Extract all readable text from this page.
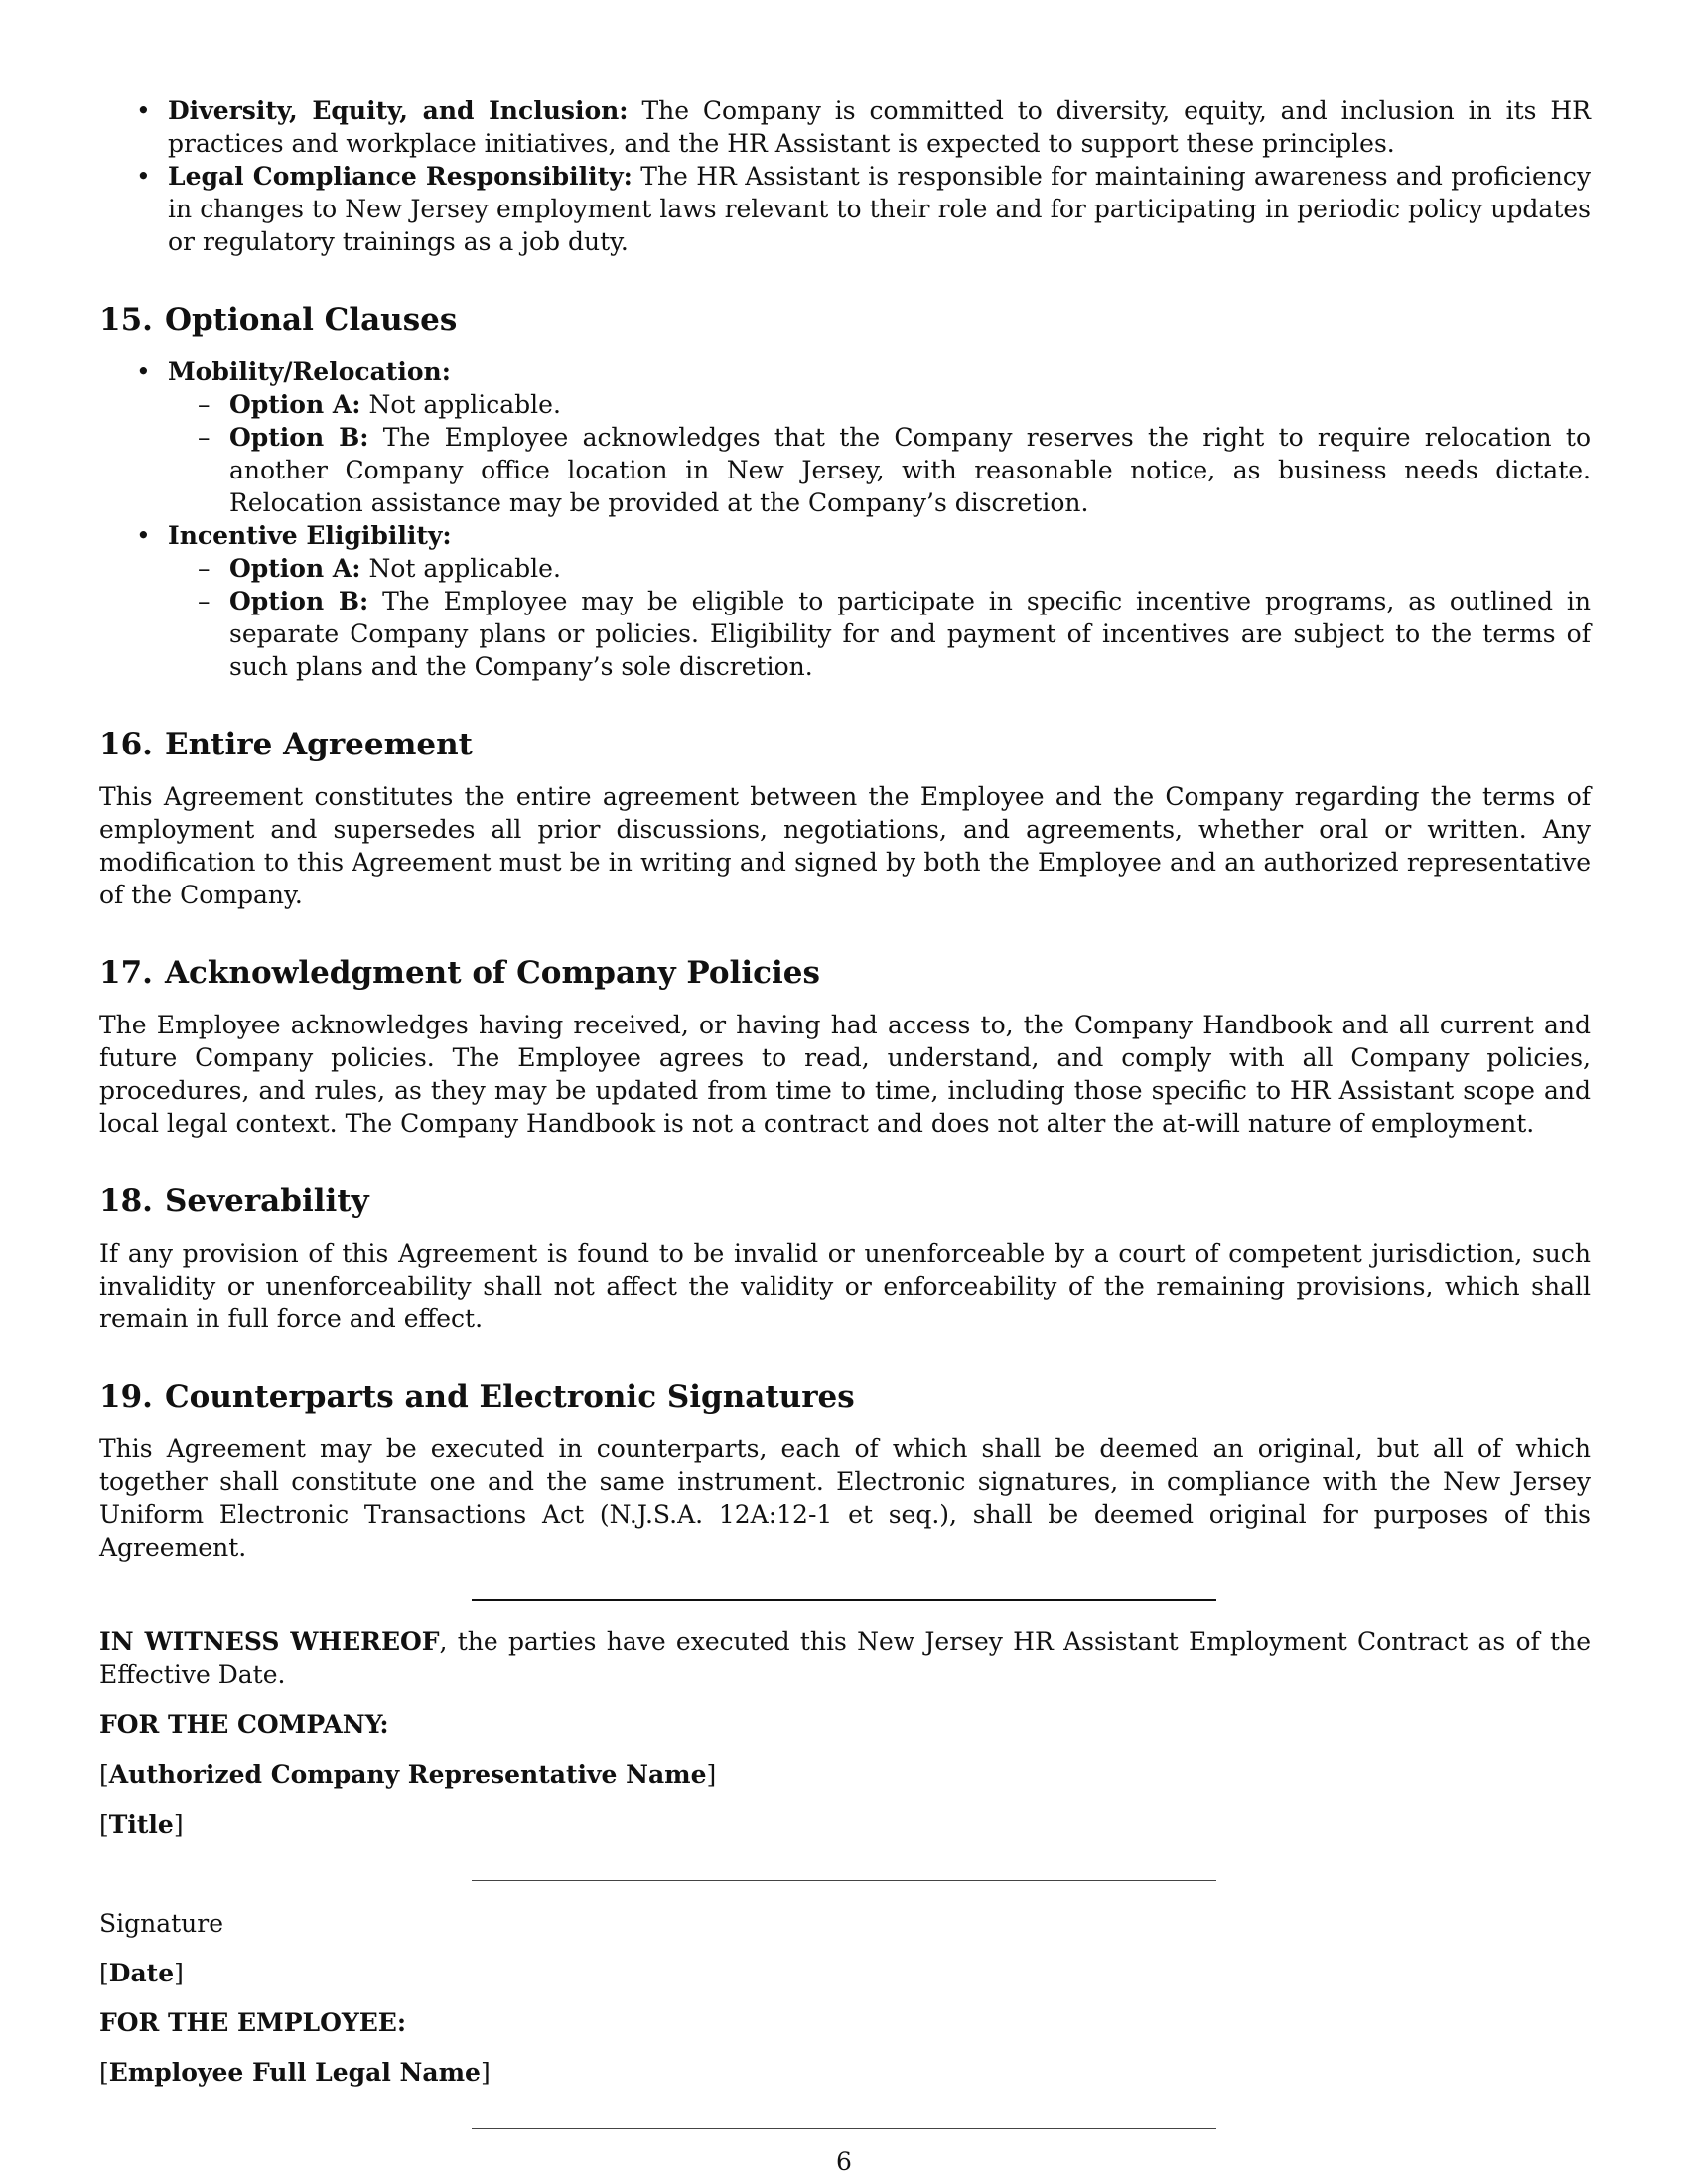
• Diversity, Equity, and Inclusion: The Company is committed to diversity, equity, and inclusion in its HR practices and workplace initiatives, and the HR Assistant is expected to support these principles.
• Legal Compliance Responsibility: The HR Assistant is responsible for maintaining awareness and proficiency in changes to New Jersey employment laws relevant to their role and for participating in periodic policy updates or regulatory trainings as a job duty.
15. Optional Clauses
• Mobility/Relocation:
– Option A: Not applicable.
– Option B: The Employee acknowledges that the Company reserves the right to require relocation to another Company office location in New Jersey, with reasonable notice, as business needs dictate. Relocation assistance may be provided at the Company’s discretion.
• Incentive Eligibility:
– Option A: Not applicable.
– Option B: The Employee may be eligible to participate in specific incentive programs, as outlined in separate Company plans or policies. Eligibility for and payment of incentives are subject to the terms of such plans and the Company’s sole discretion.
16. Entire Agreement

This Agreement constitutes the entire agreement between the Employee and the Company regarding the terms of employment and supersedes all prior discussions, negotiations, and agreements, whether oral or written. Any modification to this Agreement must be in writing and signed by both the Employee and an authorized representative of the Company.

17. Acknowledgment of Company Policies

The Employee acknowledges having received, or having had access to, the Company Handbook and all current and future Company policies. The Employee agrees to read, understand, and comply with all Company policies, procedures, and rules, as they may be updated from time to time, including those specific to HR Assistant scope and local legal context. The Company Handbook is not a contract and does not alter the at-will nature of employment.

18. Severability

If any provision of this Agreement is found to be invalid or unenforceable by a court of competent jurisdiction, such invalidity or unenforceability shall not affect the validity or enforceability of the remaining provisions, which shall remain in full force and effect.

19. Counterparts and Electronic Signatures

This Agreement may be executed in counterparts, each of which shall be deemed an original, but all of which together shall constitute one and the same instrument. Electronic signatures, in compliance with the New Jersey Uniform Electronic Transactions Act (N.J.S.A. 12A:12-1 et seq.), shall be deemed original for purposes of this Agreement.

IN WITNESS WHEREOF, the parties have executed this New Jersey HR Assistant Employment Contract as of the Effective Date.

FOR THE COMPANY:

[Authorized Company Representative Name]

[Title]

Signature

[Date]

FOR THE EMPLOYEE:

[Employee Full Legal Name]

6
